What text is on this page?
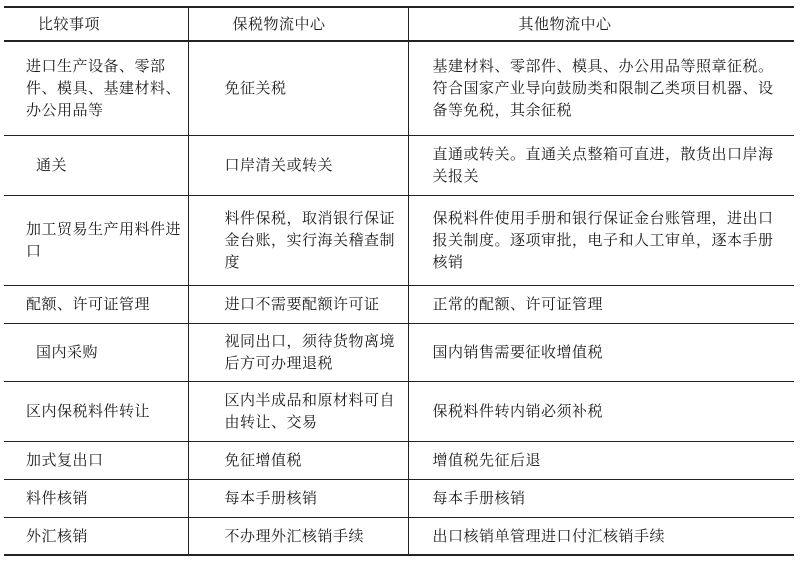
比较事项	保税物流中心	其他物流中心
进口生产设备、零部件、模具、基建材料、办公用品等	免征关税	基建材料、零部件、模具、办公用品等照章征税。符合国家产业导向鼓励类和限制乙类项目机器、设备等免税，其余征税
通关	口岸清关或转关	直通或转关。直通关点整箱可直进，散货出口岸海关报关
加工贸易生产用料件进口	料件保税，取消银行保证金台账，实行海关稽查制度	保税料件使用手册和银行保证金台账管理，进出口报关制度。逐项审批，电子和人工审单，逐本手册核销
配额、许可证管理	进口不需要配额许可证	正常的配额、许可证管理
国内采购	视同出口，须待货物离境后方可办理退税	国内销售需要征收增值税
区内保税料件转让	区内半成品和原材料可自由转让、交易	保税料件转内销必须补税
加式复出口	免征增值税	增值税先征后退
料件核销	每本手册核销	每本手册核销
外汇核销	不办理外汇核销手续	出口核销单管理进口付汇核销手续
